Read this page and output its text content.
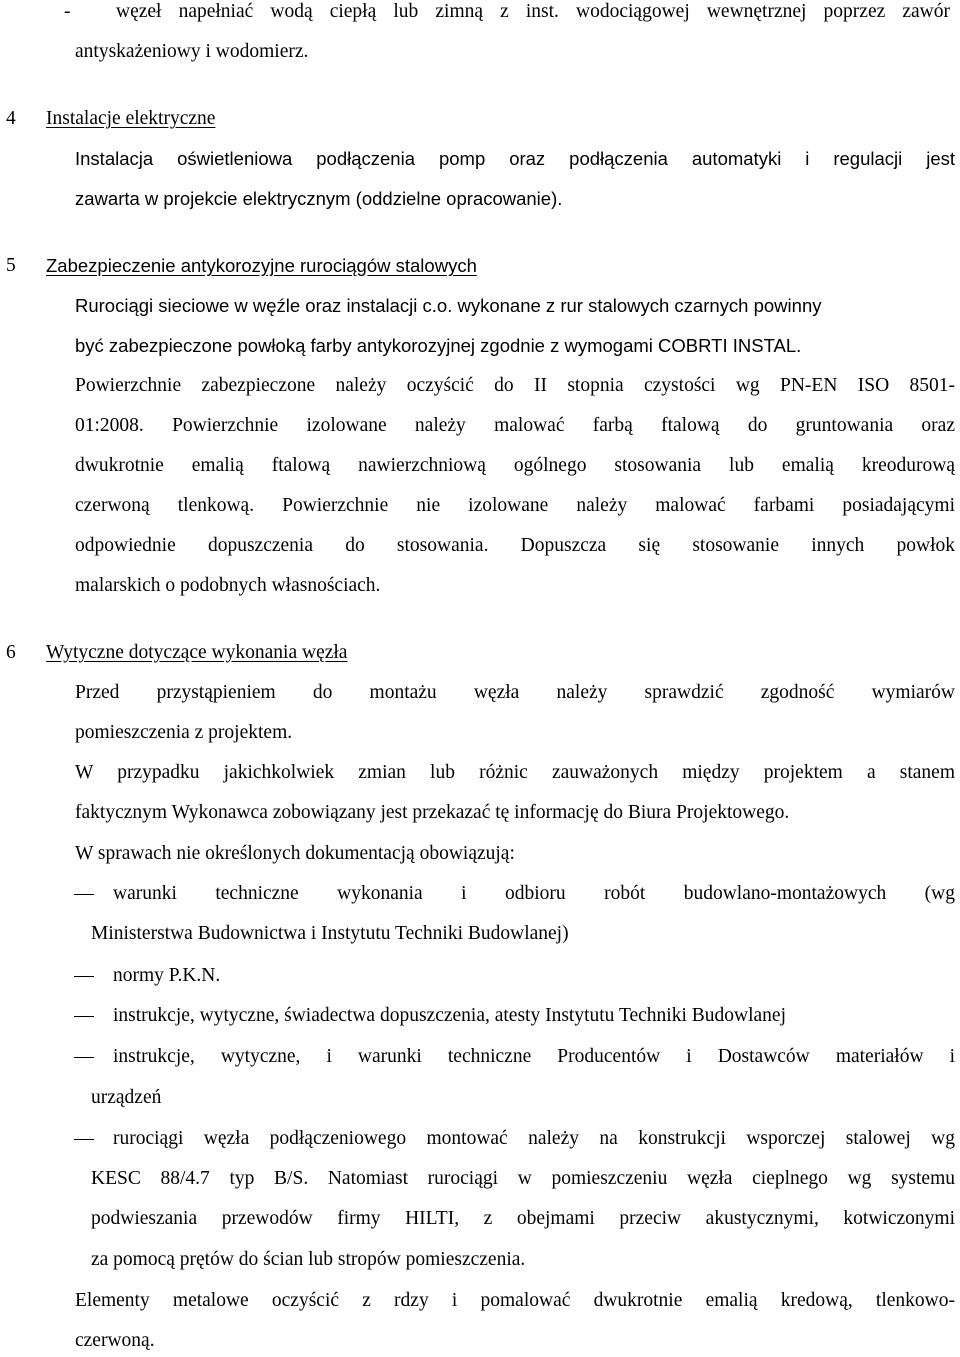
- węzeł napełniać wodą ciepłą lub zimną z inst. wodociągowej wewnętrznej poprzez zawór
antyskażeniowy i wodomierz.
4 Instalacje elektryczne
Instalacja oświetleniowa podłączenia pomp oraz podłączenia automatyki i regulacji jest
zawarta w projekcie elektrycznym (oddzielne opracowanie).
5 Zabezpieczenie antykorozyjne rurociągów stalowych
Rurociągi sieciowe w węźle oraz instalacji c.o. wykonane z rur stalowych czarnych powinny
być zabezpieczone powłoką farby antykorozyjnej zgodnie z wymogami COBRTI INSTAL.
Powierzchnie zabezpieczone należy oczyścić do II stopnia czystości wg PN-EN ISO 8501-
01:2008. Powierzchnie izolowane należy malować farbą ftalową do gruntowania oraz
dwukrotnie emalią ftalową nawierzchniową ogólnego stosowania lub emalią kreodurową
czerwoną tlenkową. Powierzchnie nie izolowane należy malować farbami posiadającymi
odpowiednie dopuszczenia do stosowania. Dopuszcza się stosowanie innych powłok
malarskich o podobnych własnościach.
6 Wytyczne dotyczące wykonania węzła
Przed przystąpieniem do montażu węzła należy sprawdzić zgodność wymiarów
pomieszczenia z projektem.
W przypadku jakichkolwiek zmian lub różnic zauważonych między projektem a stanem
faktycznym Wykonawca zobowiązany jest przekazać tę informację do Biura Projektowego.
W sprawach nie określonych dokumentacją obowiązują:
warunki techniczne wykonania i odbioru robót budowlano-montażowych (wg
Ministerstwa Budownictwa i Instytutu Techniki Budowlanej)
normy P.K.N.
instrukcje, wytyczne, świadectwa dopuszczenia, atesty Instytutu Techniki Budowlanej
instrukcje, wytyczne, i warunki techniczne Producentów i Dostawców materiałów i
urządzeń
rurociągi węzła podłączeniowego montować należy na konstrukcji wsporczej stalowej wg
KESC 88/4.7 typ B/S. Natomiast rurociągi w pomieszczeniu węzła cieplnego wg systemu
podwieszania przewodów firmy HILTI, z obejmami przeciw akustycznymi, kotwiczonymi
za pomocą prętów do ścian lub stropów pomieszczenia.
Elementy metalowe oczyścić z rdzy i pomalować dwukrotnie emalią kredową, tlenkowo-
czerwoną.
